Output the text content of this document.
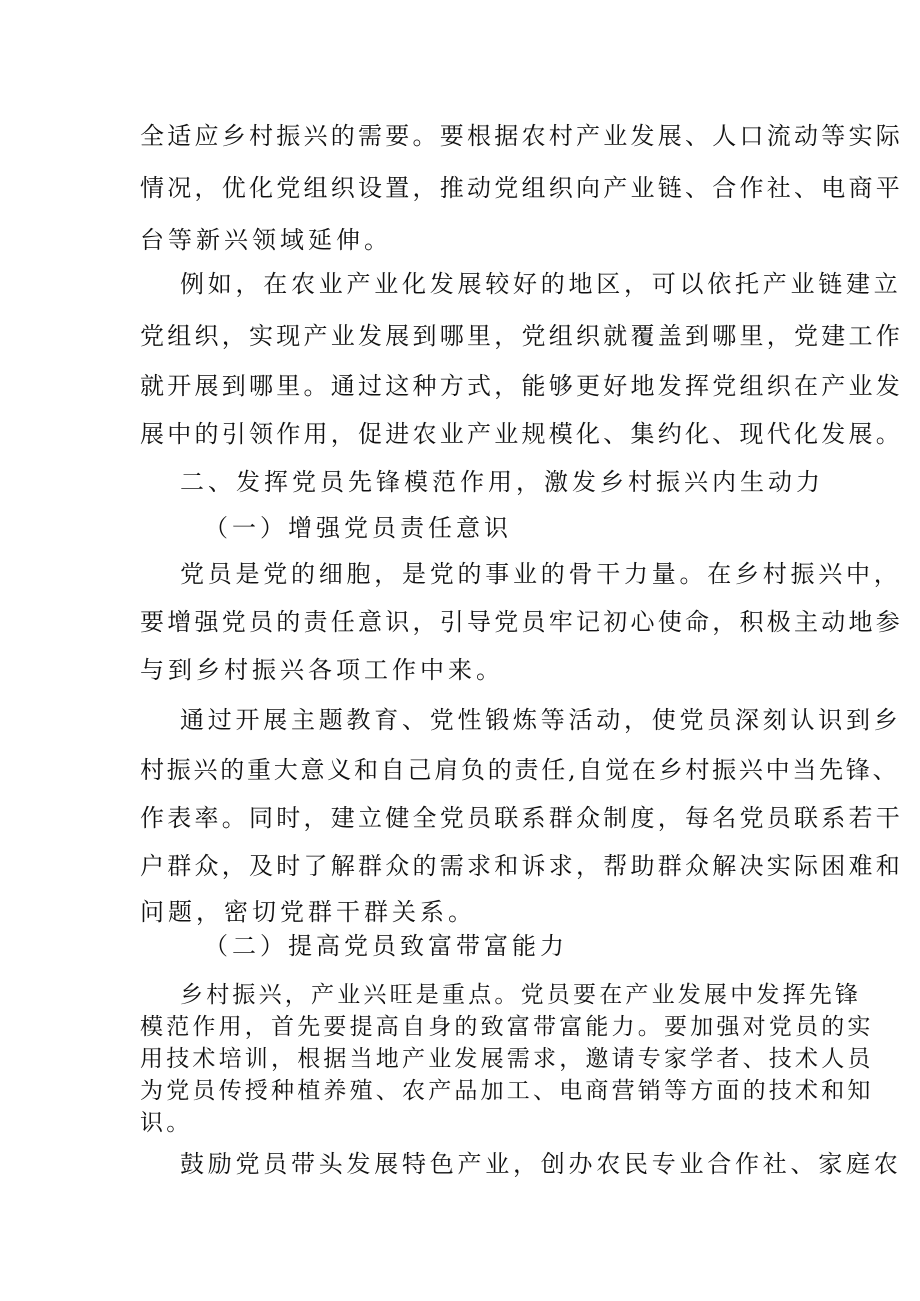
全适应乡村振兴的需要。要根据农村产业发展、人口流动等实际

情况，优化党组织设置，推动党组织向产业链、合作社、电商平

台等新兴领域延伸。

例如，在农业产业化发展较好的地区，可以依托产业链建立

党组织，实现产业发展到哪里，党组织就覆盖到哪里，党建工作

就开展到哪里。通过这种方式，能够更好地发挥党组织在产业发

展中的引领作用，促进农业产业规模化、集约化、现代化发展。

二、发挥党员先锋模范作用，激发乡村振兴内生动力

（一）增强党员责任意识

党员是党的细胞，是党的事业的骨干力量。在乡村振兴中，

要增强党员的责任意识，引导党员牢记初心使命，积极主动地参

与到乡村振兴各项工作中来。

通过开展主题教育、党性锻炼等活动，使党员深刻认识到乡

村振兴的重大意义和自己肩负的责任,自觉在乡村振兴中当先锋、

作表率。同时，建立健全党员联系群众制度，每名党员联系若干

户群众，及时了解群众的需求和诉求，帮助群众解决实际困难和

问题，密切党群干群关系。

（二）提高党员致富带富能力

乡村振兴，产业兴旺是重点。党员要在产业发展中发挥先锋

模范作用，首先要提高自身的致富带富能力。要加强对党员的实

用技术培训，根据当地产业发展需求，邀请专家学者、技术人员

为党员传授种植养殖、农产品加工、电商营销等方面的技术和知

识。

鼓励党员带头发展特色产业，创办农民专业合作社、家庭农
